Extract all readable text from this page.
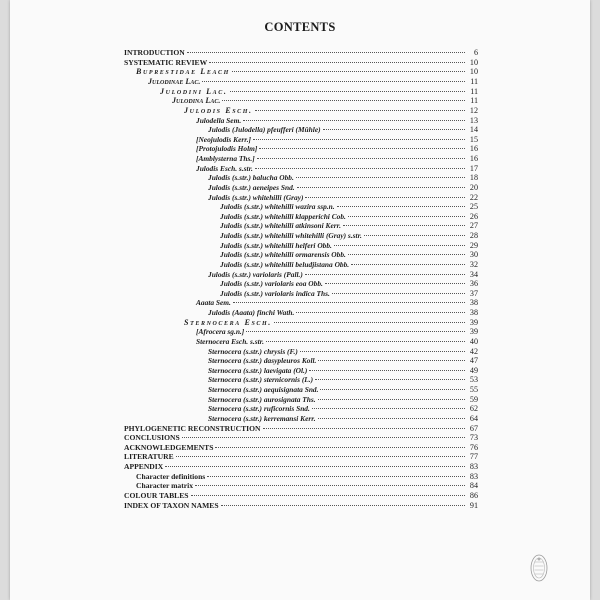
CONTENTS
INTRODUCTION	6
SYSTEMATIC REVIEW	10
Buprestidae Leach	10
Julodinae Lac.	11
Julodini Lac.	11
Julodina Lac.	11
Julodis Esch.	12
Julodella Sem.	13
Julodis (Julodella) pfeufferi (Mühle)	14
[Neojulodis Kerr.]	15
[Protojulodis Holm]	16
[Amblysterna Ths.]	16
Julodis Esch. s.str.	17
Julodis (s.str.) balucha Obb.	18
Julodis (s.str.) aeneipes Snd.	20
Julodis (s.str.) whitehilli (Gray)	22
Julodis (s.str.) whitehilli wazira ssp.n.	25
Julodis (s.str.) whitehilli klapperichi Cob.	26
Julodis (s.str.) whitehilli atkinsoni Kerr.	27
Julodis (s.str.) whitehilli whitehilli (Gray) s.str.	28
Julodis (s.str.) whitehilli helferi Obb.	29
Julodis (s.str.) whitehilli ormarensis Obb.	30
Julodis (s.str.) whitehilli beludjistana Obb.	32
Julodis (s.str.) variolaris (Pall.)	34
Julodis (s.str.) variolaris eoa Obb.	36
Julodis (s.str.) variolaris indica Ths.	37
Aaata Sem.	38
Julodis (Aaata) finchi Wath.	38
Sternocera Esch.	39
[Afrocera sg.n.]	39
Sternocera Esch. s.str.	40
Sternocera (s.str.) chrysis (F.)	42
Sternocera (s.str.) dasypleuros Koll.	47
Sternocera (s.str.) laevigata (Ol.)	49
Sternocera (s.str.) sternicornis (L.)	53
Sternocera (s.str.) aequisignata Snd.	55
Sternocera (s.str.) aurosignata Ths.	59
Sternocera (s.str.) ruficornis Snd.	62
Sternocera (s.str.) kerremansi Kerr.	64
PHYLOGENETIC RECONSTRUCTION	67
CONCLUSIONS	73
ACKNOWLEDGEMENTS	76
LITERATURE	77
APPENDIX	83
Character definitions	83
Character matrix	84
COLOUR TABLES	86
INDEX OF TAXON NAMES	91
